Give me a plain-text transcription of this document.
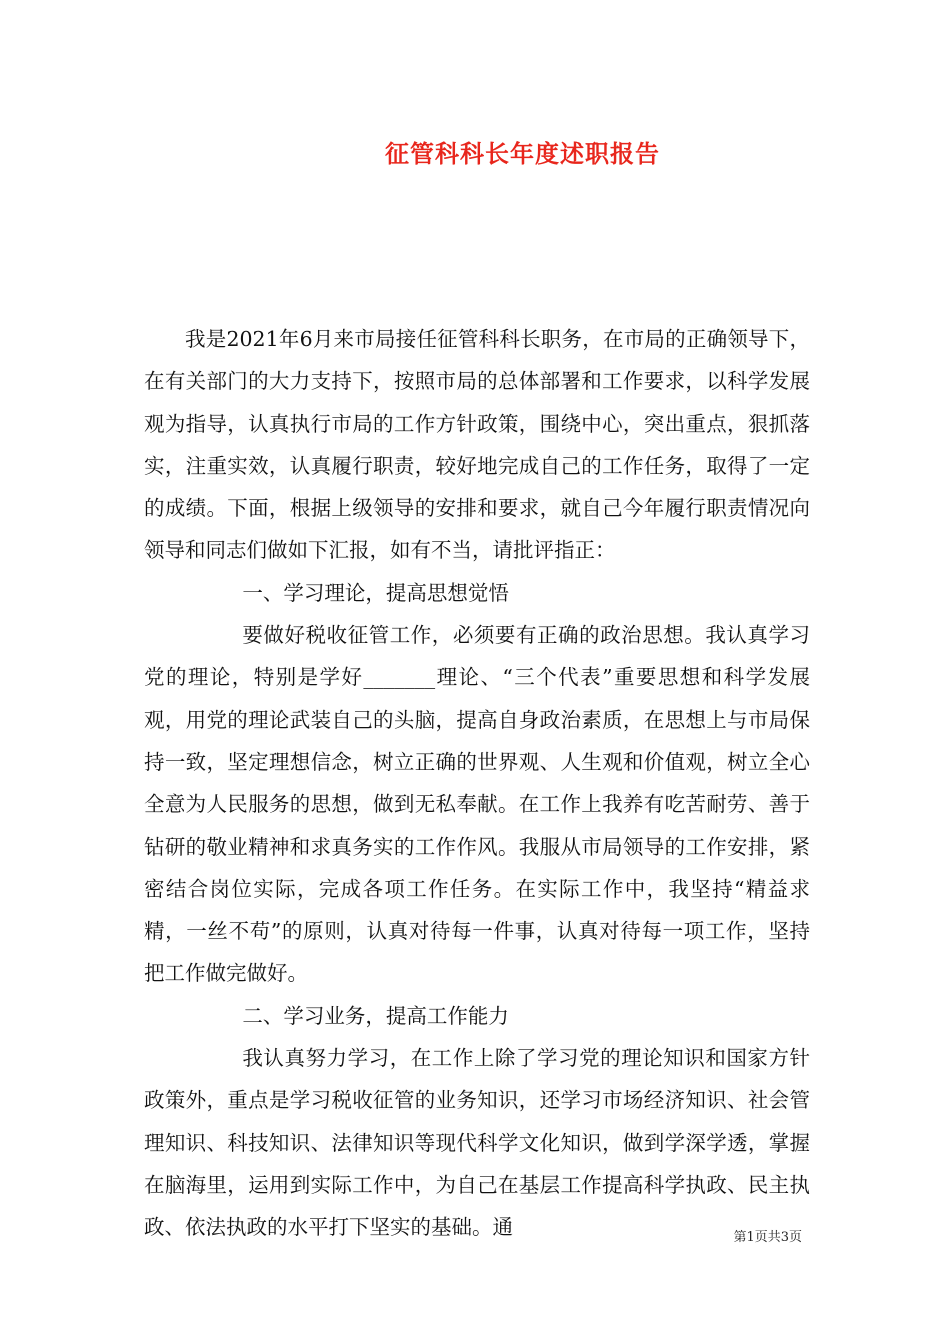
征管科科长年度述职报告

我是2021年6月来市局接任征管科科长职务，在市局的正确领导下，在有关部门的大力支持下，按照市局的总体部署和工作要求，以科学发展观为指导，认真执行市局的工作方针政策，围绕中心，突出重点，狠抓落实，注重实效，认真履行职责，较好地完成自己的工作任务，取得了一定的成绩。下面，根据上级领导的安排和要求，就自己今年履行职责情况向领导和同志们做如下汇报，如有不当，请批评指正：

一、学习理论，提高思想觉悟

要做好税收征管工作，必须要有正确的政治思想。我认真学习党的理论，特别是学好_______理论、“三个代表”重要思想和科学发展观，用党的理论武装自己的头脑，提高自身政治素质，在思想上与市局保持一致，坚定理想信念，树立正确的世界观、人生观和价值观，树立全心全意为人民服务的思想，做到无私奉献。在工作上我养有吃苦耐劳、善于钻研的敬业精神和求真务实的工作作风。我服从市局领导的工作安排，紧密结合岗位实际，完成各项工作任务。在实际工作中，我坚持“精益求精，一丝不苟”的原则，认真对待每一件事，认真对待每一项工作，坚持把工作做完做好。

二、学习业务，提高工作能力

我认真努力学习，在工作上除了学习党的理论知识和国家方针政策外，重点是学习税收征管的业务知识，还学习市场经济知识、社会管理知识、科技知识、法律知识等现代科学文化知识，做到学深学透，掌握在脑海里，运用到实际工作中，为自己在基层工作提高科学执政、民主执政、依法执政的水平打下坚实的基础。通	第1页共3页
